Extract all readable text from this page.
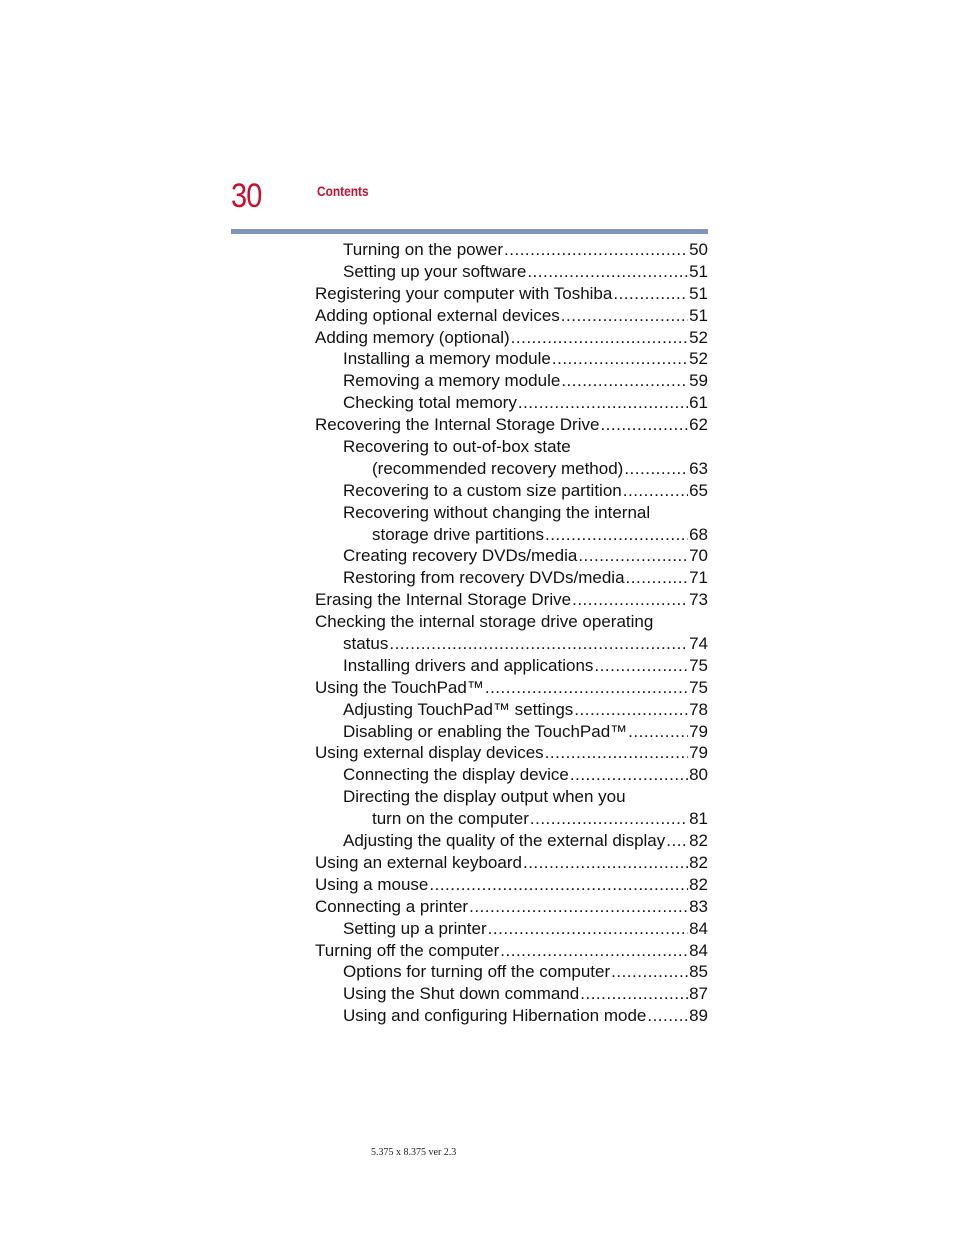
30	Contents
Turning on the power .....	50
Setting up your software .....	51
Registering your computer with Toshiba .....	51
Adding optional external devices .....	51
Adding memory (optional) .....	52
Installing a memory module .....	52
Removing a memory module .....	59
Checking total memory .....	61
Recovering the Internal Storage Drive .....	62
Recovering to out-of-box state
(recommended recovery method) .....	63
Recovering to a custom size partition .....	65
Recovering without changing the internal
storage drive partitions .....	68
Creating recovery DVDs/media .....	70
Restoring from recovery DVDs/media .....	71
Erasing the Internal Storage Drive .....	73
Checking the internal storage drive operating
status .....	74
Installing drivers and applications .....	75
Using the TouchPad™ .....	75
Adjusting TouchPad™ settings .....	78
Disabling or enabling the TouchPad™ .....	79
Using external display devices .....	79
Connecting the display device .....	80
Directing the display output when you
turn on the computer .....	81
Adjusting the quality of the external display ..... 82
Using an external keyboard .....	82
Using a mouse .....	82
Connecting a printer .....	83
Setting up a printer .....	84
Turning off the computer .....	84
Options for turning off the computer .....	85
Using the Shut down command .....	87
Using and configuring Hibernation mode .....	89
5.375 x 8.375 ver 2.3
